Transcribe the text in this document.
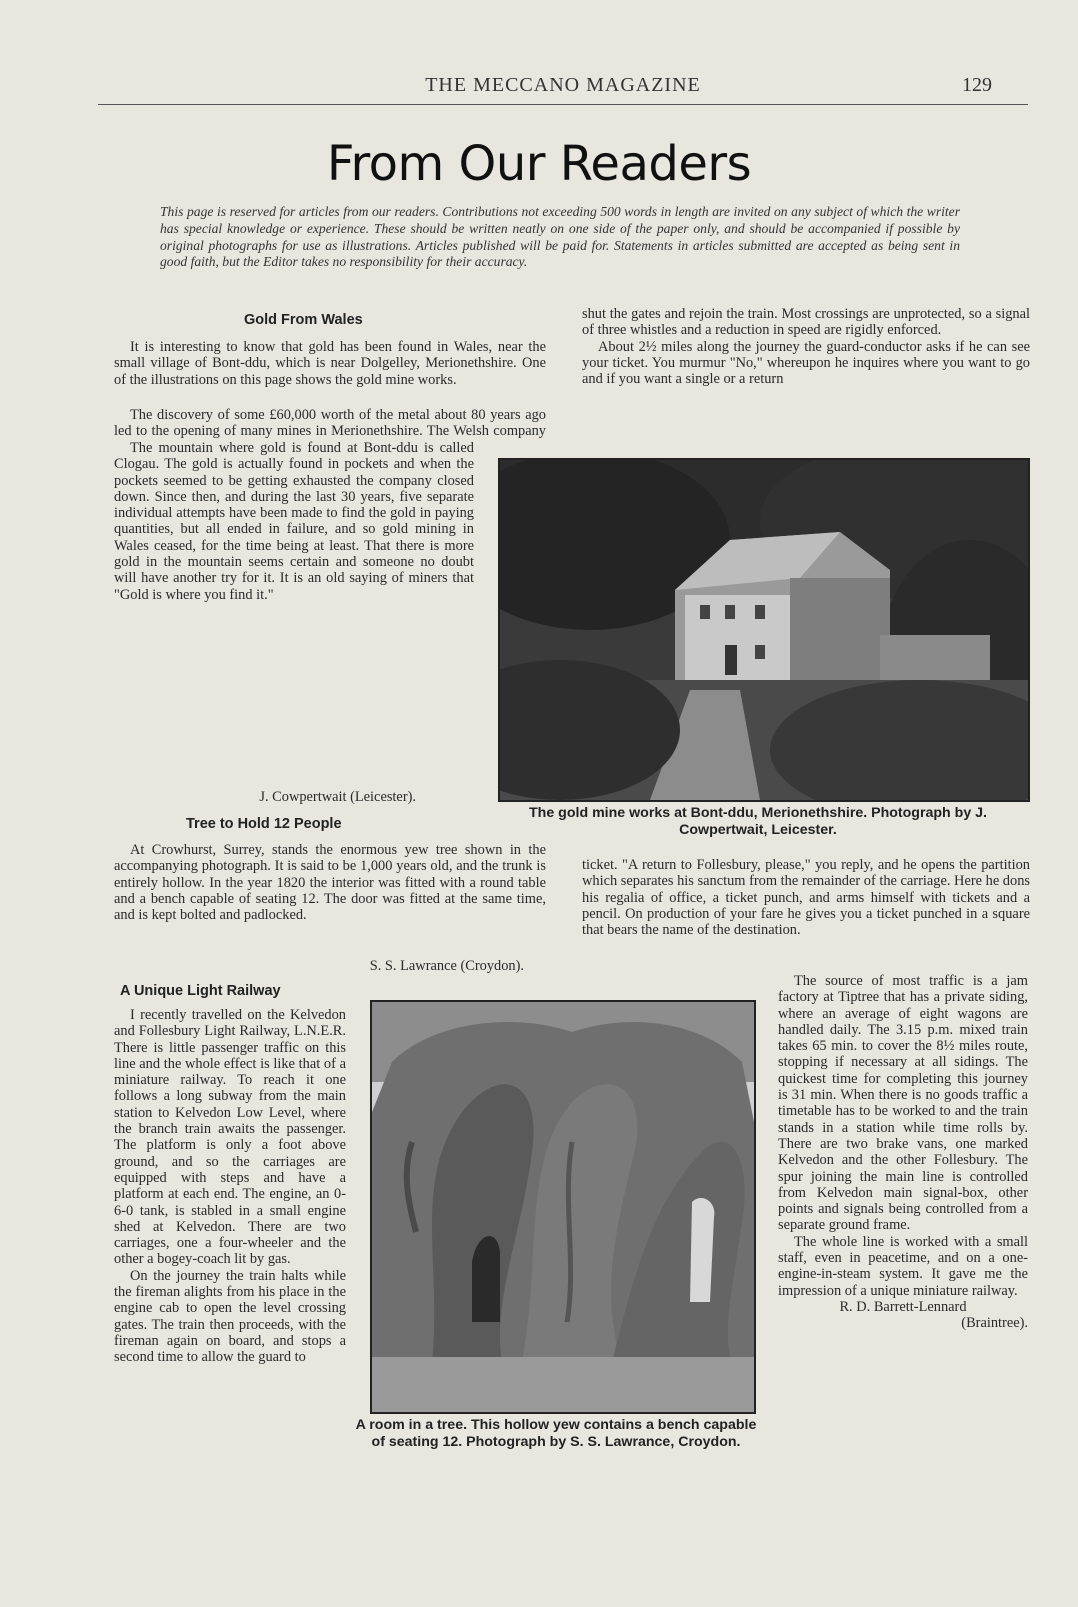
THE MECCANO MAGAZINE	129
From Our Readers
This page is reserved for articles from our readers. Contributions not exceeding 500 words in length are invited on any subject of which the writer has special knowledge or experience. These should be written neatly on one side of the paper only, and should be accompanied if possible by original photographs for use as illustrations. Articles published will be paid for. Statements in articles submitted are accepted as being sent in good faith, but the Editor takes no responsibility for their accuracy.
Gold From Wales

It is interesting to know that gold has been found in Wales, near the small village of Bont-ddu, which is near Dolgelley, Merionethshire. One of the illustrations on this page shows the gold mine works.

The discovery of some £60,000 worth of the metal about 80 years ago led to the opening of many mines in Merionethshire. The Welsh company

The mountain where gold is found at Bont-ddu is called Clogau. The gold is actually found in pockets and when the pockets seemed to be getting exhausted the company closed down. Since then, and during the last 30 years, five separate individual attempts have been made to find the gold in paying quantities, but all ended in failure, and so gold mining in Wales ceased, for the time being at least. That there is more gold in the mountain seems certain and someone no doubt will have another try for it. It is an old saying of miners that "Gold is where you find it."

J. Cowpertwait (Leicester).
The gold mine works at Bont-ddu, Merionethshire. Photograph by J. Cowpertwait, Leicester.
Tree to Hold 12 People

At Crowhurst, Surrey, stands the enormous yew tree shown in the accompanying photograph. It is said to be 1,000 years old, and the trunk is entirely hollow. In the year 1820 the interior was fitted with a round table and a bench capable of seating 12. The door was fitted at the same time, and is kept bolted and padlocked.

S. S. Lawrance (Croydon).

shut the gates and rejoin the train. Most crossings are unprotected, so a signal of three whistles and a reduction in speed are rigidly enforced.

About 2½ miles along the journey the guard-conductor asks if he can see your ticket. You murmur "No," whereupon he inquires where you want to go and if you want a single or a return

ticket. "A return to Follesbury, please," you reply, and he opens the partition which separates his sanctum from the remainder of the carriage. Here he dons his regalia of office, a ticket punch, and arms himself with tickets and a pencil. On production of your fare he gives you a ticket punched in a square that bears the name of the destination.

A Unique Light Railway

I recently travelled on the Kelvedon and Follesbury Light Railway, L.N.E.R. There is little passenger traffic on this line and the whole effect is like that of a miniature railway. To reach it one follows a long subway from the main station to Kelvedon Low Level, where the branch train awaits the passenger. The platform is only a foot above ground, and so the carriages are equipped with steps and have a platform at each end. The engine, an 0-6-0 tank, is stabled in a small engine shed at Kelvedon. There are two carriages, one a four-wheeler and the other a bogey-coach lit by gas.

On the journey the train halts while the fireman alights from his place in the engine cab to open the level crossing gates. The train then proceeds, with the fireman again on board, and stops a second time to allow the guard to

A room in a tree. This hollow yew contains a bench capable of seating 12. Photograph by S. S. Lawrance, Croydon.

The source of most traffic is a jam factory at Tiptree that has a private siding, where an average of eight wagons are handled daily. The 3.15 p.m. mixed train takes 65 min. to cover the 8½ miles route, stopping if necessary at all sidings. The quickest time for completing this journey is 31 min. When there is no goods traffic a timetable has to be worked to and the train stands in a station while time rolls by. There are two brake vans, one marked Kelvedon and the other Follesbury. The spur joining the main line is controlled from Kelvedon main signal-box, other points and signals being controlled from a separate ground frame.

The whole line is worked with a small staff, even in peacetime, and on a one-engine-in-steam system. It gave me the impression of a unique miniature railway.

R. D. Barrett-Lennard
(Braintree).
